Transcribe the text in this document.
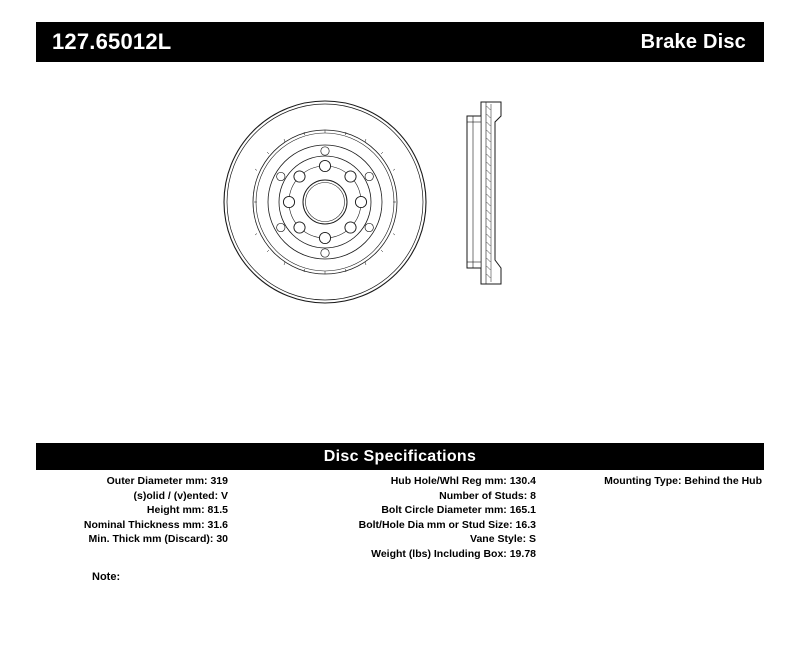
127.65012L	Brake Disc
Disc Specifications
Outer Diameter mm: 319
(s)olid / (v)ented: V
Height mm: 81.5
Nominal Thickness mm: 31.6
Min. Thick mm (Discard): 30
Hub Hole/Whl Reg mm: 130.4
Number of Studs: 8
Bolt Circle Diameter mm: 165.1
Bolt/Hole Dia mm or Stud Size: 16.3
Vane Style: S
Weight (lbs) Including Box: 19.78
Mounting Type: Behind the Hub
Note:
